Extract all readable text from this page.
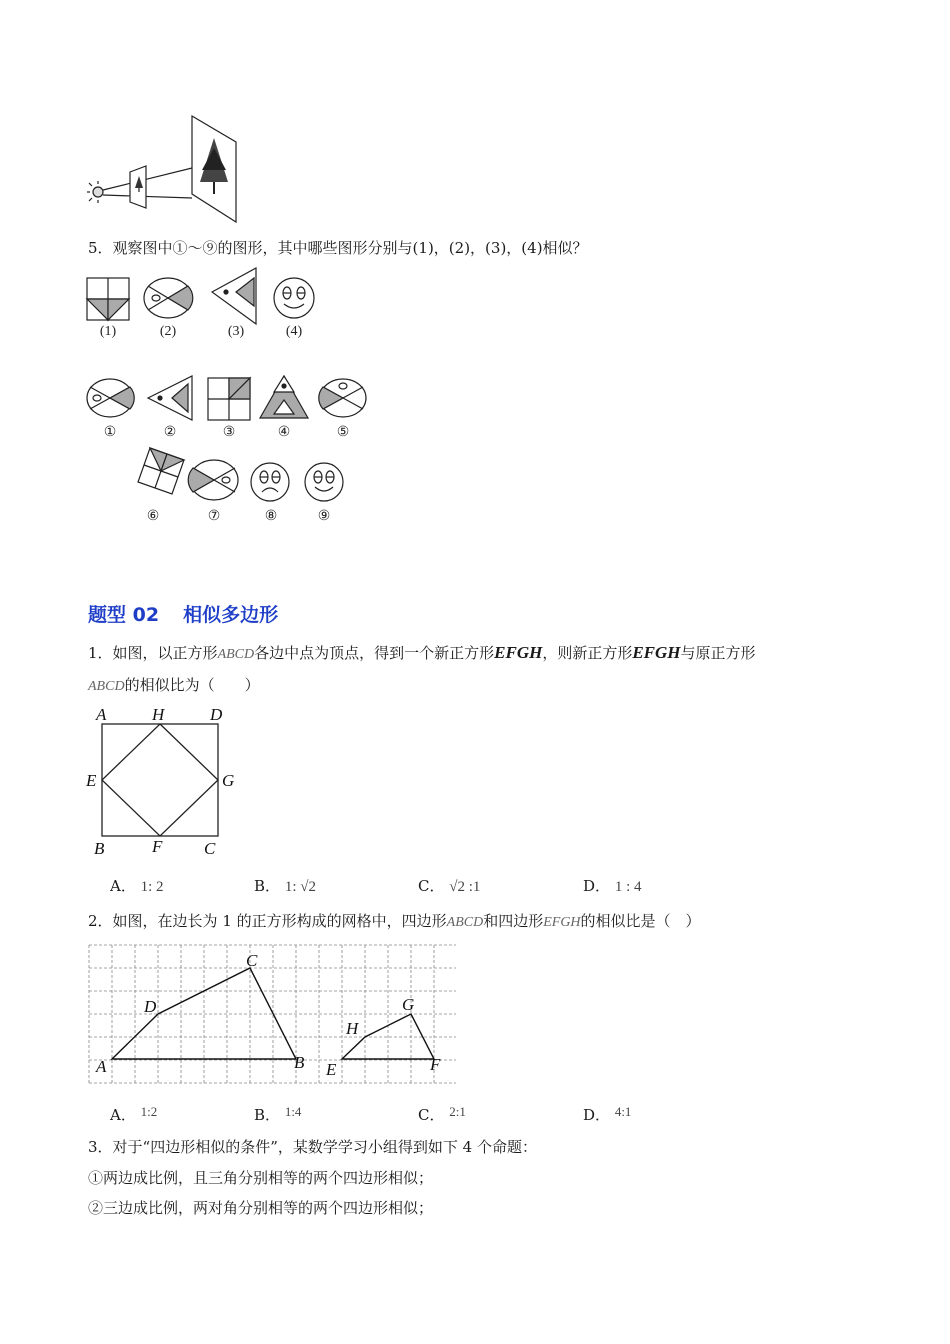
5．观察图中①～⑨的图形，其中哪些图形分别与(1)，(2)，(3)，(4)相似？
(1)	(2)	(3)	(4)
①	②	③	④	⑤
⑥	⑦	⑧	⑨
题型 02 相似多边形
1．如图，以正方形ABCD各边中点为顶点，得到一个新正方形EFGH，则新正方形EFGH与原正方形
ABCD的相似比为（　　）
A	H	D
E	G
B	F C
A． 1: 2	B． 1: √2	C． √2 :1	D． 1 : 4
2．如图，在边长为 1 的正方形构成的网格中，四边形ABCD和四边形EFGH的相似比是（　）
A	B
C
D
E	F
G
H
A． 1:2	B． 1:4	C． 2:1	D． 4:1
3．对于“四边形相似的条件”，某数学学习小组得到如下 4 个命题：
①两边成比例，且三角分别相等的两个四边形相似；
②三边成比例，两对角分别相等的两个四边形相似；
